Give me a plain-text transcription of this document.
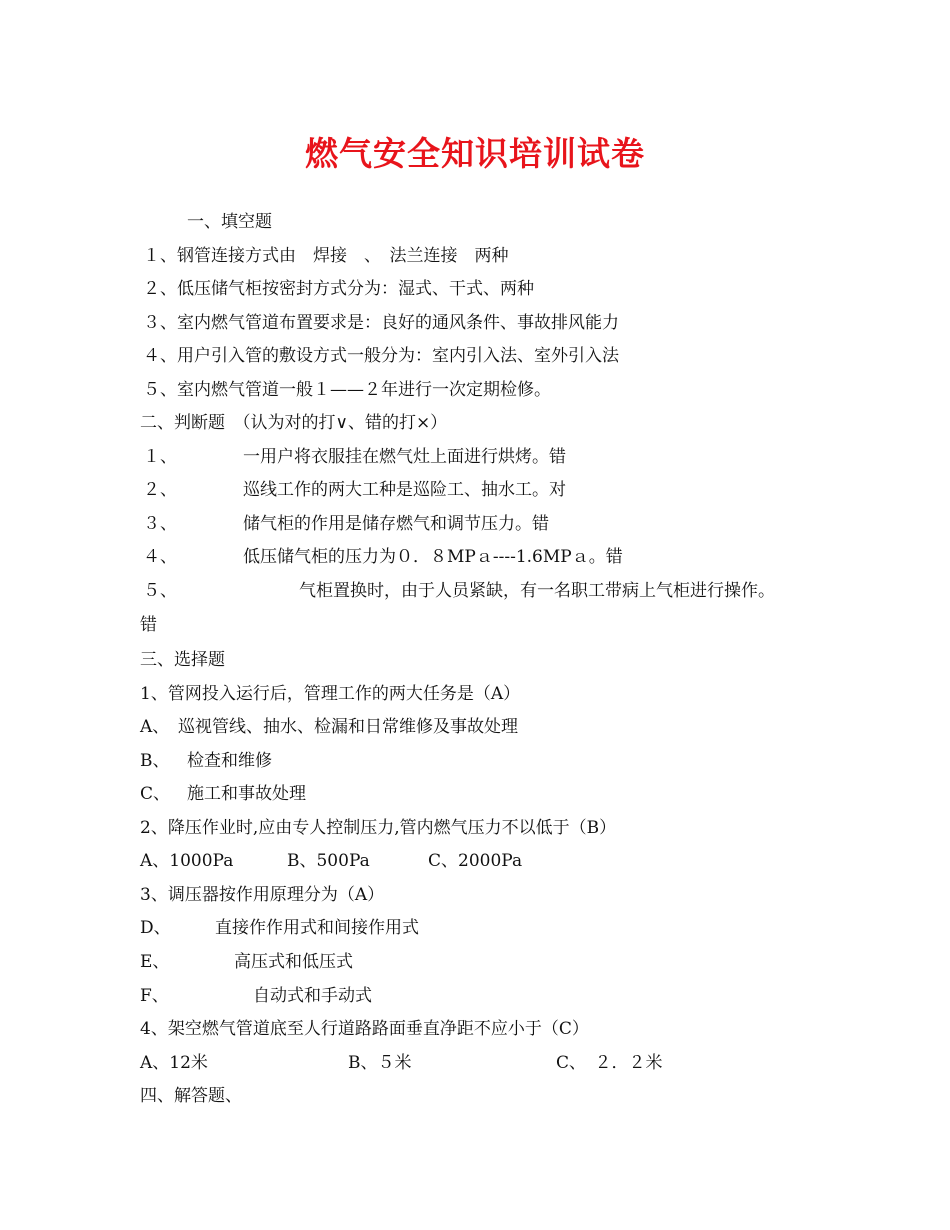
燃气安全知识培训试卷
一、填空题
１、钢管连接方式由　焊接　、　法兰连接　两种
２、低压储气柜按密封方式分为：湿式、干式、两种
３、室内燃气管道布置要求是：良好的通风条件、事故排风能力
４、用户引入管的敷设方式一般分为：室内引入法、室外引入法
５、室内燃气管道一般１——２年进行一次定期检修。
二、判断题　（认为对的打∨、错的打×）
１、	一用户将衣服挂在燃气灶上面进行烘烤。错
２、	巡线工作的两大工种是巡险工、抽水工。对
３、	储气柜的作用是储存燃气和调节压力。错
４、	低压储气柜的压力为０．８MPａ----1.6MPａ。错
５、	气柜置换时，由于人员紧缺，有一名职工带病上气柜进行操作。
错
三、选择题
1、管网投入运行后，管理工作的两大任务是（A）
A、 巡视管线、抽水、检漏和日常维修及事故处理
B、 检查和维修
C、 施工和事故处理
2、降压作业时,应由专人控制压力,管内燃气压力不以低于（B）
A、1000Pa	B、500Pa	C、2000Pa
3、调压器按作用原理分为（A）
D、	直接作作用式和间接作用式
E、	高压式和低压式
F、	自动式和手动式
4、架空燃气管道底至人行道路路面垂直净距不应小于（C）
A、12米	B、５米	C、　２．２米
四、解答题、
